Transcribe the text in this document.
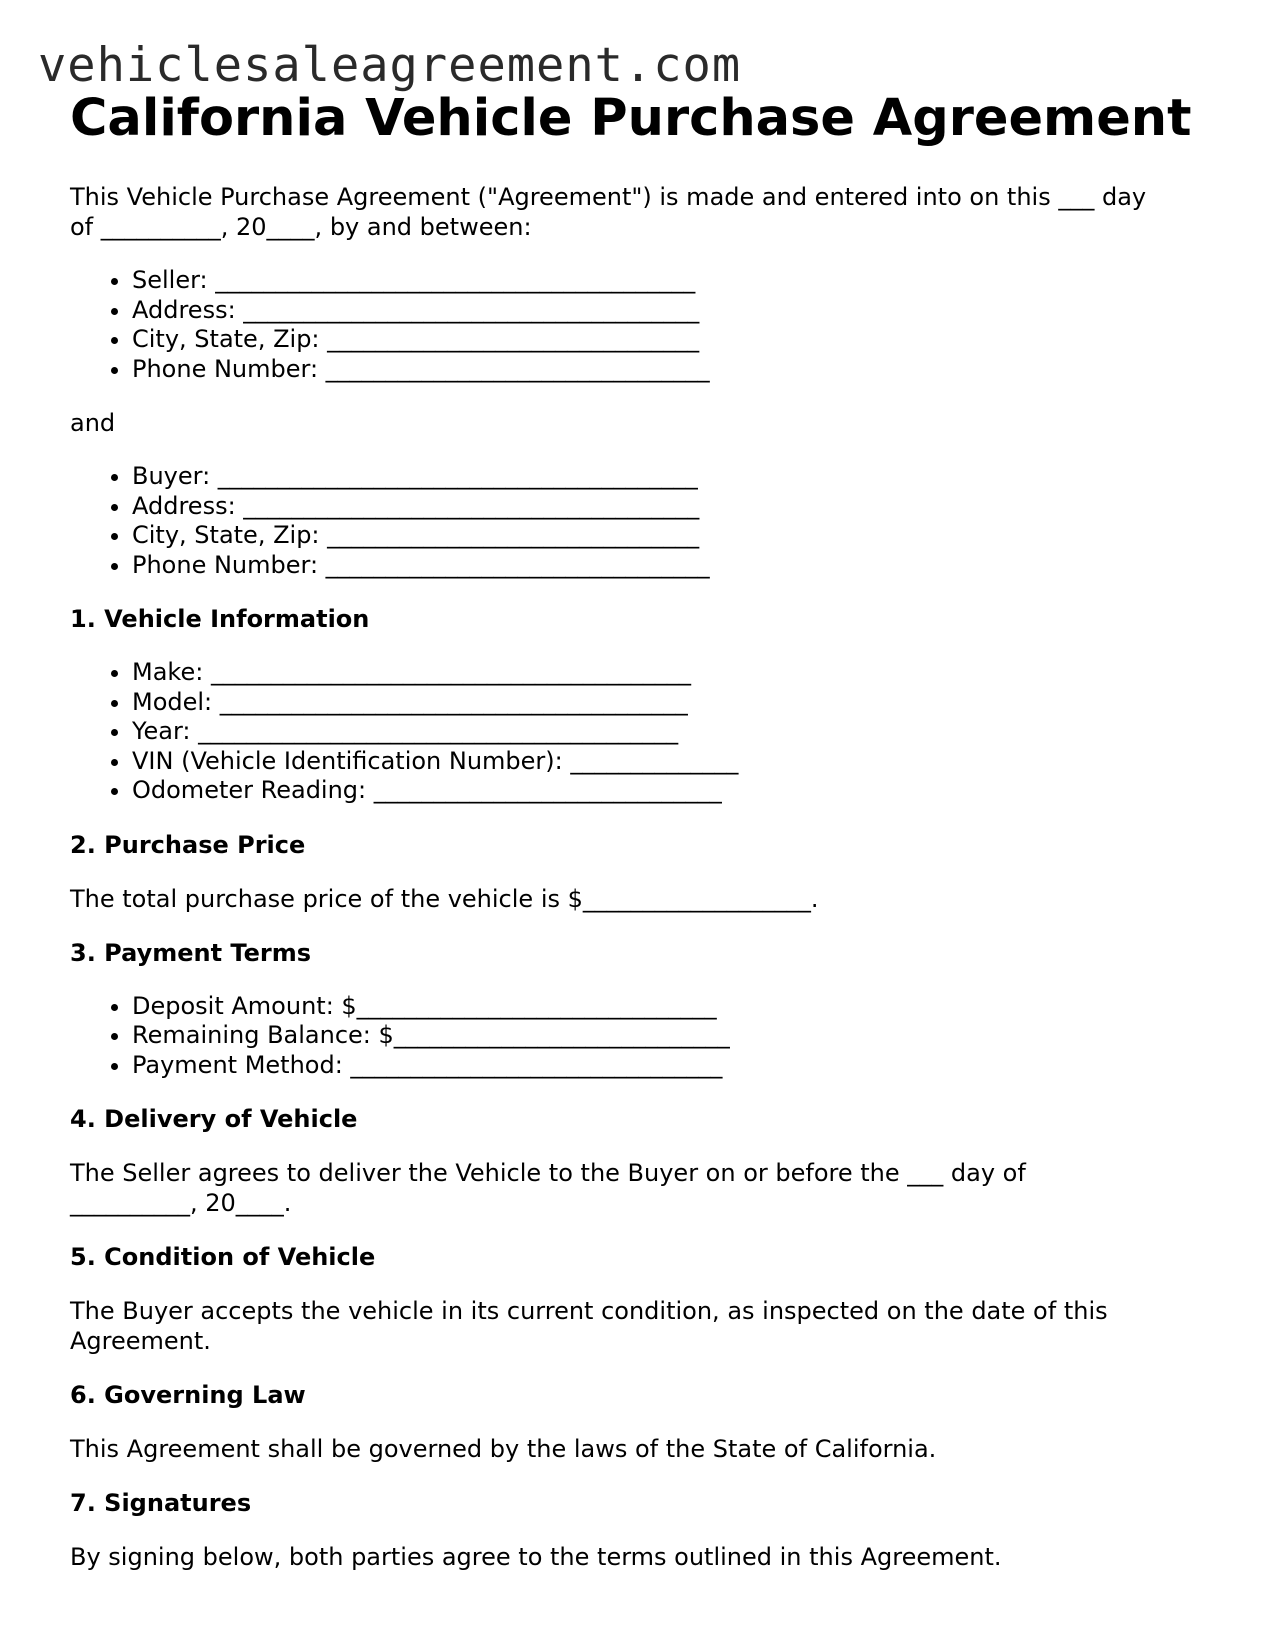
vehiclesaleagreement.com
California Vehicle Purchase Agreement

This Vehicle Purchase Agreement ("Agreement") is made and entered into on this ___ day of __________, 20____, by and between:

• Seller: ________________________________________
• Address: ______________________________________
• City, State, Zip: _______________________________
• Phone Number: ________________________________

and

• Buyer: ________________________________________
• Address: ______________________________________
• City, State, Zip: _______________________________
• Phone Number: ________________________________
1. Vehicle Information
• Make: ________________________________________
• Model: _______________________________________
• Year: ________________________________________
• VIN (Vehicle Identification Number): ______________
• Odometer Reading: _____________________________
2. Purchase Price

The total purchase price of the vehicle is $___________________.

3. Payment Terms
• Deposit Amount: $______________________________
• Remaining Balance: $____________________________
• Payment Method: _______________________________
4. Delivery of Vehicle

The Seller agrees to deliver the Vehicle to the Buyer on or before the ___ day of __________, 20____.

5. Condition of Vehicle

The Buyer accepts the vehicle in its current condition, as inspected on the date of this Agreement.

6. Governing Law

This Agreement shall be governed by the laws of the State of California.

7. Signatures

By signing below, both parties agree to the terms outlined in this Agreement.
